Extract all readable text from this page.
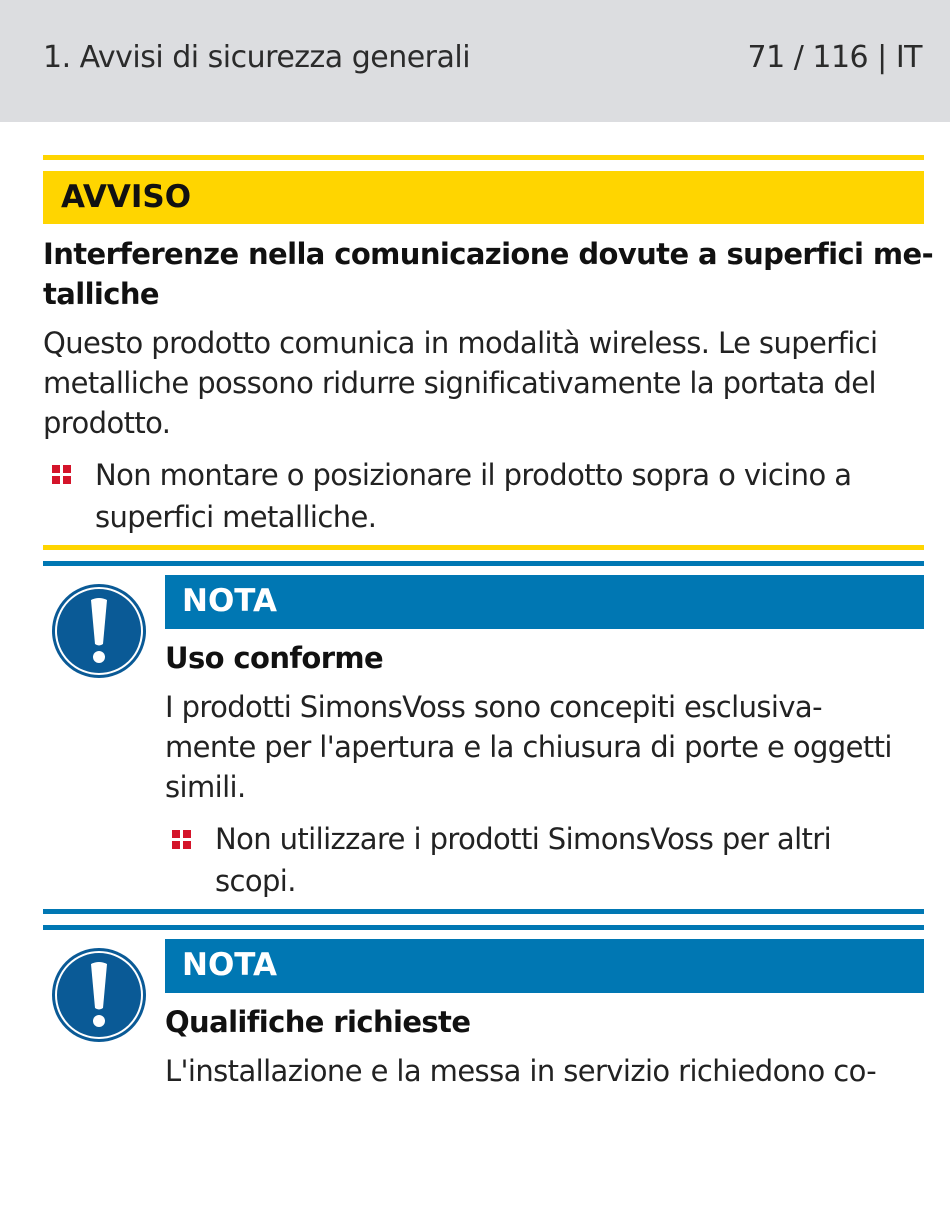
1. Avvisi di sicurezza generali	71 / 116 | IT
AVVISO
Interferenze nella comunicazione dovute a superfici me-
talliche
Questo prodotto comunica in modalità wireless. Le superfici
metalliche possono ridurre significativamente la portata del
prodotto.
Non montare o posizionare il prodotto sopra o vicino a
superfici metalliche.
NOTA
Uso conforme
I prodotti SimonsVoss sono concepiti esclusiva-
mente per l'apertura e la chiusura di porte e oggetti
simili.
Non utilizzare i prodotti SimonsVoss per altri
scopi.
NOTA
Qualifiche richieste
L'installazione e la messa in servizio richiedono co-
